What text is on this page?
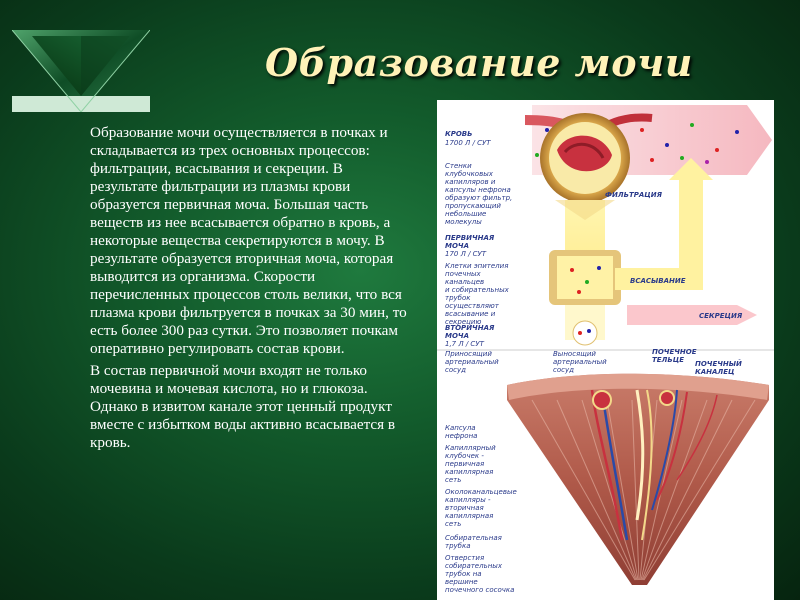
Образование мочи

Образование мочи осуществляется в почках и складывается из трех основных процессов: фильтрации, всасывания и секреции. В результате фильтрации из плазмы крови образуется первичная моча. Большая часть веществ из нее всасывается обратно в кровь, а некоторые вещества секретируются в мочу. В результате образуется вторичная моча, которая выводится из организма. Скорости перечисленных процессов столь велики, что вся плазма крови фильтруется в почках за 30 мин, то есть более 300 раз сутки. Это позволяет почкам оперативно регулировать состав крови.

В состав первичной мочи входят не только мочевина и мочевая кислота, но и глюкоза. Однако в извитом канале этот ценный продукт вместе с избытком воды активно всасывается в кровь.

КРОВЬ
1700 Л / СУТ
ВСАСЫВАНИЕ
СЕКРЕЦИЯ
ФИЛЬТРАЦИЯ
Стенки
клубочковых
капилляров и
капсулы нефрона
образуют фильтр,
пропускающий
небольшие
молекулы
ПЕРВИЧНАЯ
МОЧА
170 Л / СУТ
Клетки эпителия
почечных
канальцев
и собирательных
трубок
осуществляют
всасывание и
секрецию
ВТОРИЧНАЯ
МОЧА
1,7 Л / СУТ
Приносящий
артериальный
сосуд
Выносящий
артериальный
сосуд
ПОЧЕЧНОЕ
ТЕЛЬЦЕ ПОЧЕЧНЫЙ
КАНАЛЕЦ
Капсула
нефрона
Капиллярный
клубочек -
первичная
капиллярная
сеть
Околоканальцевые
капилляры -
вторичная
капиллярная
сеть
Собирательная
трубка
Отверстия
собирательных
трубок на
вершине
почечного сосочка
